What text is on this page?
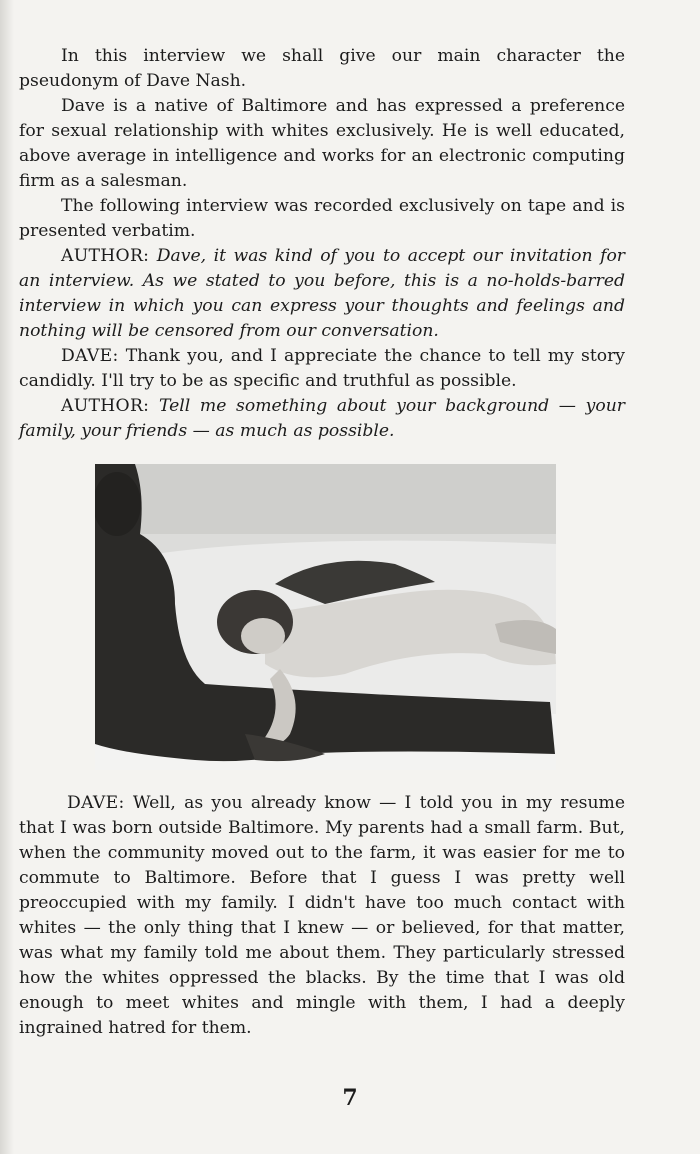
In this interview we shall give our main character the pseudonym of Dave Nash.

Dave is a native of Baltimore and has expressed a preference for sexual relationship with whites exclusively. He is well educated, above average in intelligence and works for an electronic computing firm as a salesman.

The following interview was recorded exclusively on tape and is presented verbatim.

AUTHOR: Dave, it was kind of you to accept our invitation for an interview. As we stated to you before, this is a no-holds-barred interview in which you can express your thoughts and feelings and nothing will be censored from our conversation.

DAVE: Thank you, and I appreciate the chance to tell my story candidly. I'll try to be as specific and truthful as possible.

AUTHOR: Tell me something about your background — your family, your friends — as much as possible.

DAVE: Well, as you already know — I told you in my resume that I was born outside Baltimore. My parents had a small farm. But, when the community moved out to the farm, it was easier for me to commute to Baltimore. Before that I guess I was pretty well preoccupied with my family. I didn't have too much contact with whites — the only thing that I knew — or believed, for that matter, was what my family told me about them. They particularly stressed how the whites oppressed the blacks. By the time that I was old enough to meet whites and mingle with them, I had a deeply ingrained hatred for them.

7
